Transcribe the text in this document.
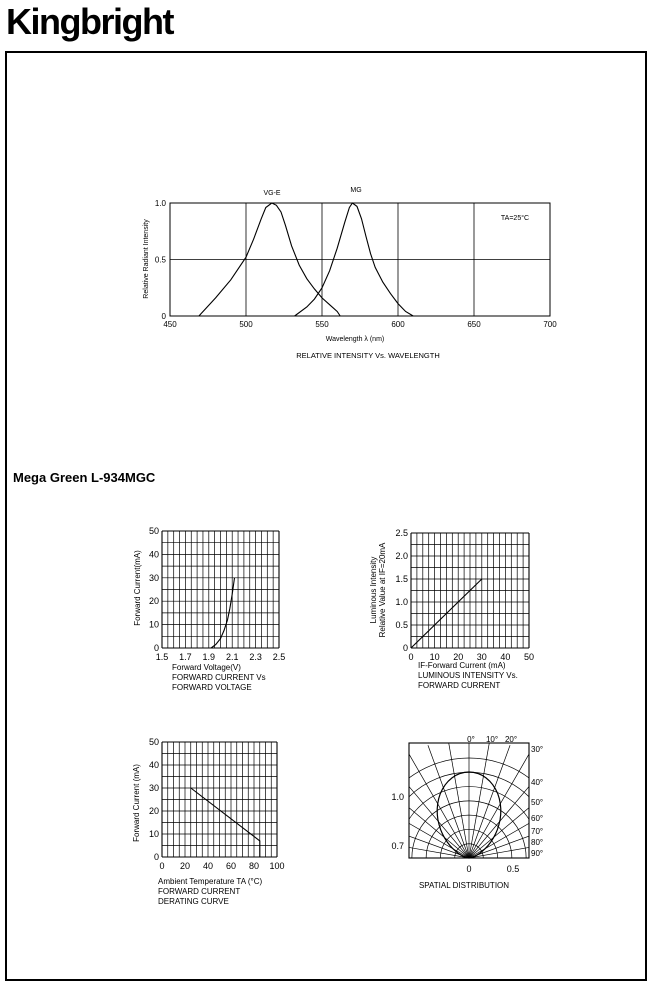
Kingbright
Mega Green L-934MGC
450	500	550	600	650	700
0
0.5
1.0
VG-E	MG
TA=25°C
Wavelength λ (nm)
Relative Radiant Intensity
RELATIVE INTENSITY Vs. WAVELENGTH
1.5 1.7 1.9 2.1 2.3 2.5
0
10
20
30
40
50
Forward Voltage(V)
FORWARD CURRENT Vs
FORWARD VOLTAGE
Forward Current(mA)
0 10 20 30 40 50
0
0.5
1.0
1.5
2.0
2.5
IF-Forward Current (mA)
LUMINOUS INTENSITY Vs.
FORWARD CURRENT
Luminous Intensity Relative Value at IF=20mA
0 20 40 60 80 100
0
10
20
30
40
50
Ambient Temperature TA (°C)
FORWARD CURRENT
DERATING CURVE
Forward Current (mA)
0° 10° 20°
30°
40°
50°
60°
70°
80°
90°
1.0
0.7
0	0.5
SPATIAL DISTRIBUTION
